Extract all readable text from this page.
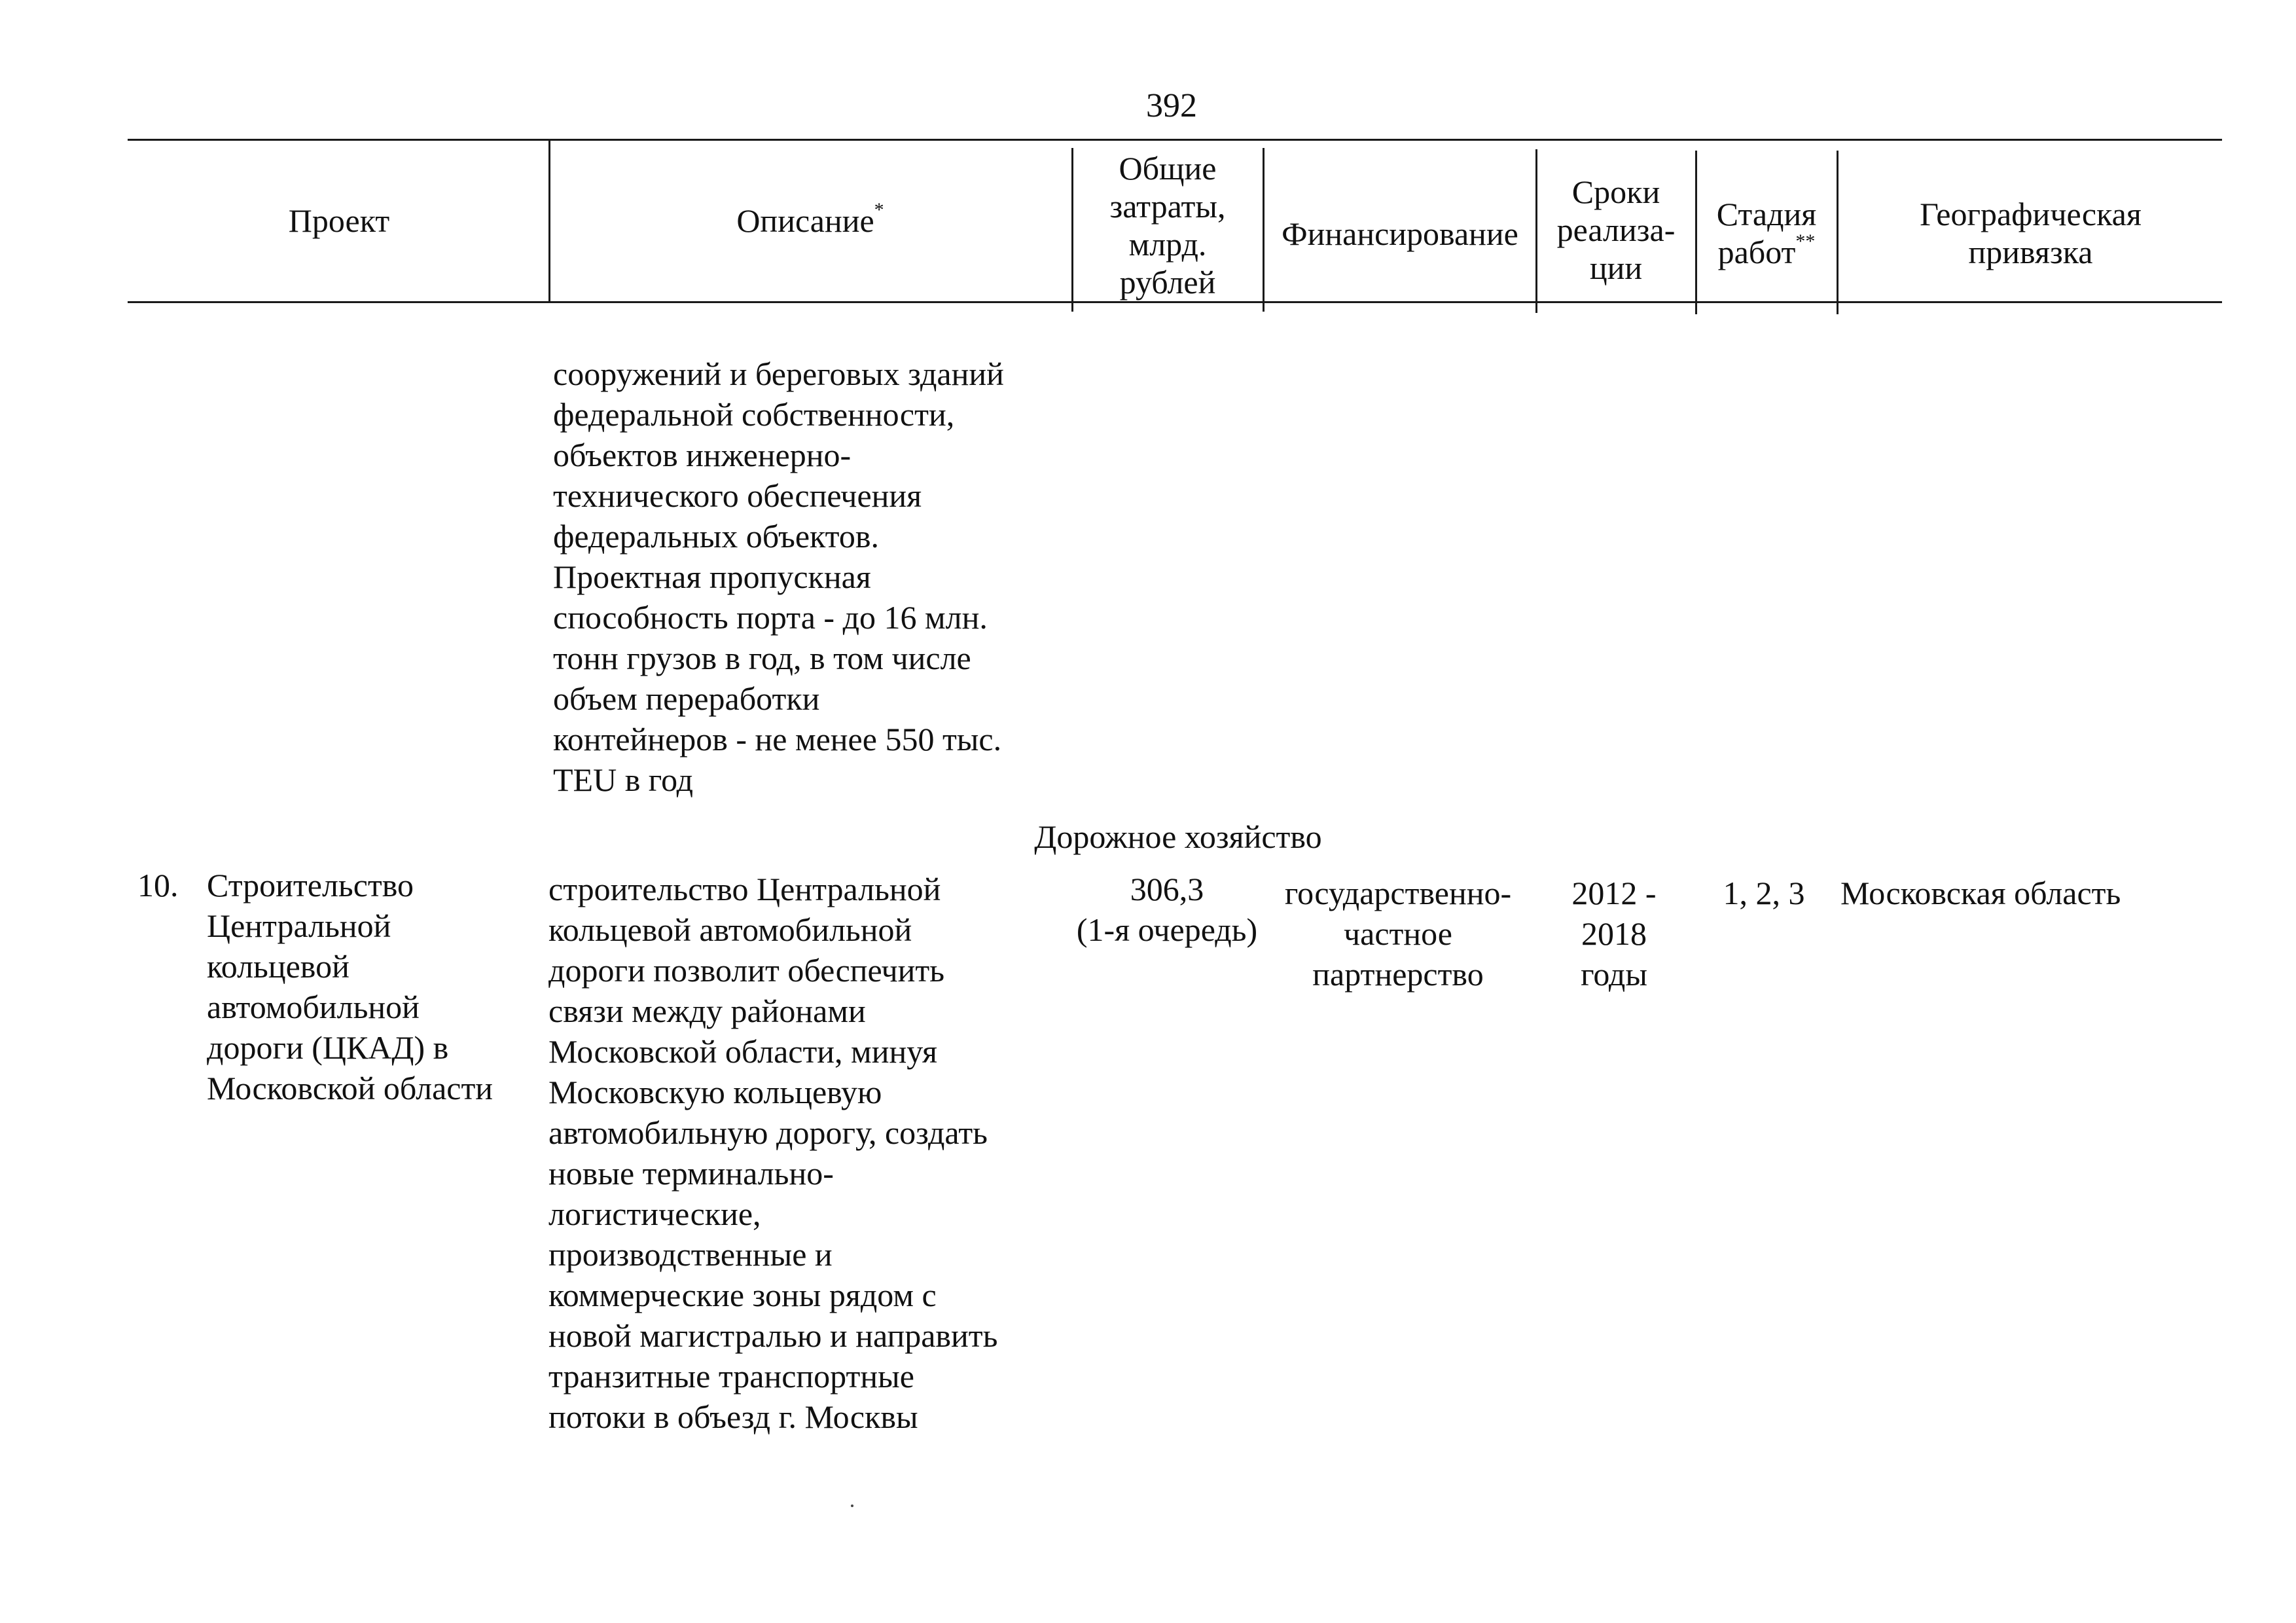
392
Проект	Описание*
Общие
затраты,
млрд.
рублей
Финансирование
Сроки
реализа-
ции
Стадия
работ**
Географическая
привязка
сооружений и береговых зданий
федеральной собственности,
объектов инженерно-
технического обеспечения
федеральных объектов.
Проектная пропускная
способность порта - до 16 млн.
тонн грузов в год, в том числе
объем переработки
контейнеров - не менее 550 тыс.
TEU в год
Дорожное хозяйство
10. Строительство
Центральной
кольцевой
автомобильной
дороги (ЦКАД) в
Московской области
строительство Центральной
кольцевой автомобильной
дороги позволит обеспечить
связи между районами
Московской области, минуя
Московскую кольцевую
автомобильную дорогу, создать
новые терминально-
логистические,
производственные и
коммерческие зоны рядом с
новой магистралью и направить
транзитные транспортные
потоки в объезд г. Москвы
306,3
(1-я очередь)
государственно-
частное
партнерство
2012 -
2018
годы
1, 2, 3	Московская область
